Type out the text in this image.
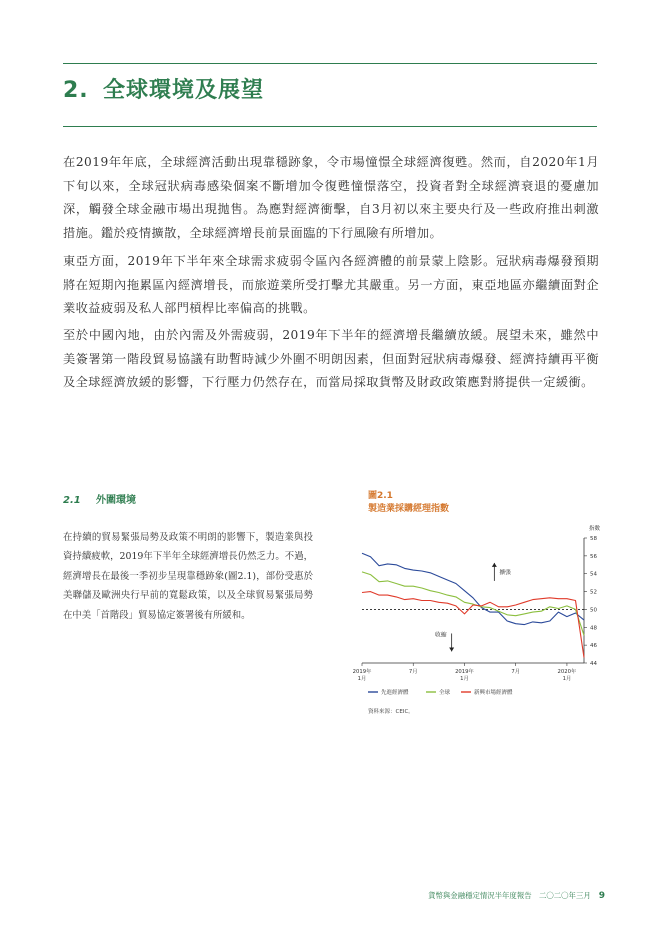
2. 全球環境及展望

在2019年年底，全球經濟活動出現靠穩跡象，令市場憧憬全球經濟復甦。然而，自2020年1月下旬以來，全球冠狀病毒感染個案不斷增加令復甦憧憬落空，投資者對全球經濟衰退的憂慮加深，觸發全球金融市場出現拋售。為應對經濟衝擊，自3月初以來主要央行及一些政府推出刺激措施。鑑於疫情擴散，全球經濟增長前景面臨的下行風險有所增加。

東亞方面，2019年下半年來全球需求疲弱令區內各經濟體的前景蒙上陰影。冠狀病毒爆發預期將在短期內拖累區內經濟增長，而旅遊業所受打擊尤其嚴重。另一方面，東亞地區亦繼續面對企業收益疲弱及私人部門槓桿比率偏高的挑戰。

至於中國內地，由於內需及外需疲弱，2019年下半年的經濟增長繼續放緩。展望未來，雖然中美簽署第一階段貿易協議有助暫時減少外圍不明朗因素，但面對冠狀病毒爆發、經濟持續再平衡及全球經濟放緩的影響，下行壓力仍然存在，而當局採取貨幣及財政政策應對將提供一定緩衝。

2.1 外圍環境

在持續的貿易緊張局勢及政策不明朗的影響下，製造業與投資持續疲軟，2019年下半年全球經濟增長仍然乏力。不過，經濟增長在最後一季初步呈現靠穩跡象(圖2.1)，部份受惠於美聯儲及歐洲央行早前的寬鬆政策，以及全球貿易緊張局勢在中美「首階段」貿易協定簽署後有所緩和。

圖2.1

製造業採購經理指數

44
46
48
50
52
54
56
58
指數
2019年
1月
7月	2019年
1月
7月	2020年
1月
擴張
收縮
先進經濟體	全球	新興市場經濟體
資料來源：CEIC。

貨幣與金融穩定情況半年度報告　二〇二〇年三月 9
